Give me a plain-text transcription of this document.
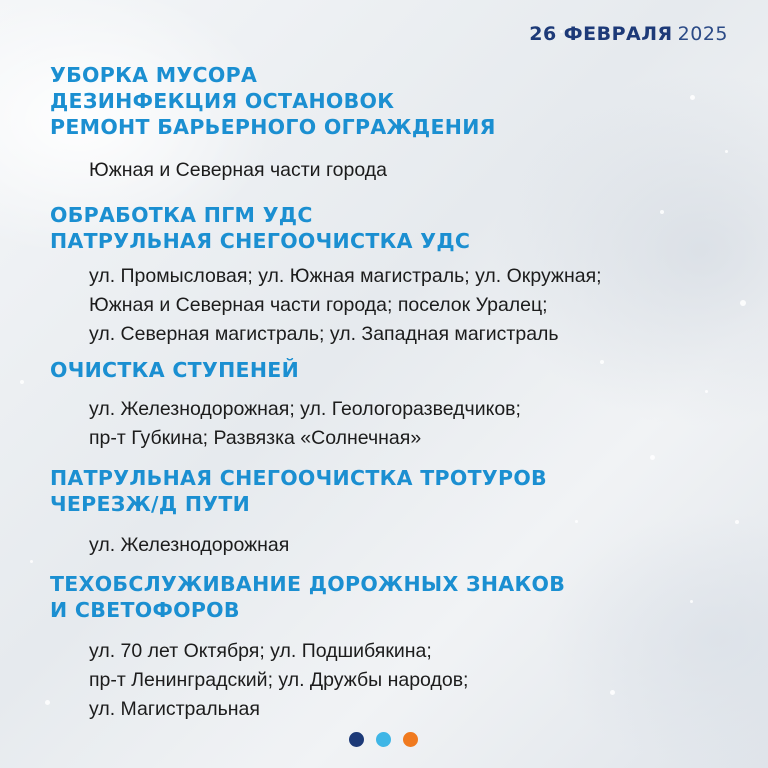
26 ФЕВРАЛЯ 2025
УБОРКА МУСОРА
ДЕЗИНФЕКЦИЯ ОСТАНОВОК
РЕМОНТ БАРЬЕРНОГО ОГРАЖДЕНИЯ
Южная и Северная части города
ОБРАБОТКА ПГМ УДС
ПАТРУЛЬНАЯ СНЕГООЧИСТКА УДС
ул. Промысловая; ул. Южная магистраль; ул. Окружная;
Южная и Северная части города; поселок Уралец;
ул. Северная магистраль; ул. Западная магистраль
ОЧИСТКА СТУПЕНЕЙ
ул. Железнодорожная; ул. Геологоразведчиков;
пр-т Губкина; Развязка «Солнечная»
ПАТРУЛЬНАЯ СНЕГООЧИСТКА ТРОТУРОВ
ЧЕРЕЗЖ/Д ПУТИ
ул. Железнодорожная
ТЕХОБСЛУЖИВАНИЕ ДОРОЖНЫХ ЗНАКОВ
И СВЕТОФОРОВ
ул. 70 лет Октября; ул. Подшибякина;
пр-т Ленинградский; ул. Дружбы народов;
ул. Магистральная
